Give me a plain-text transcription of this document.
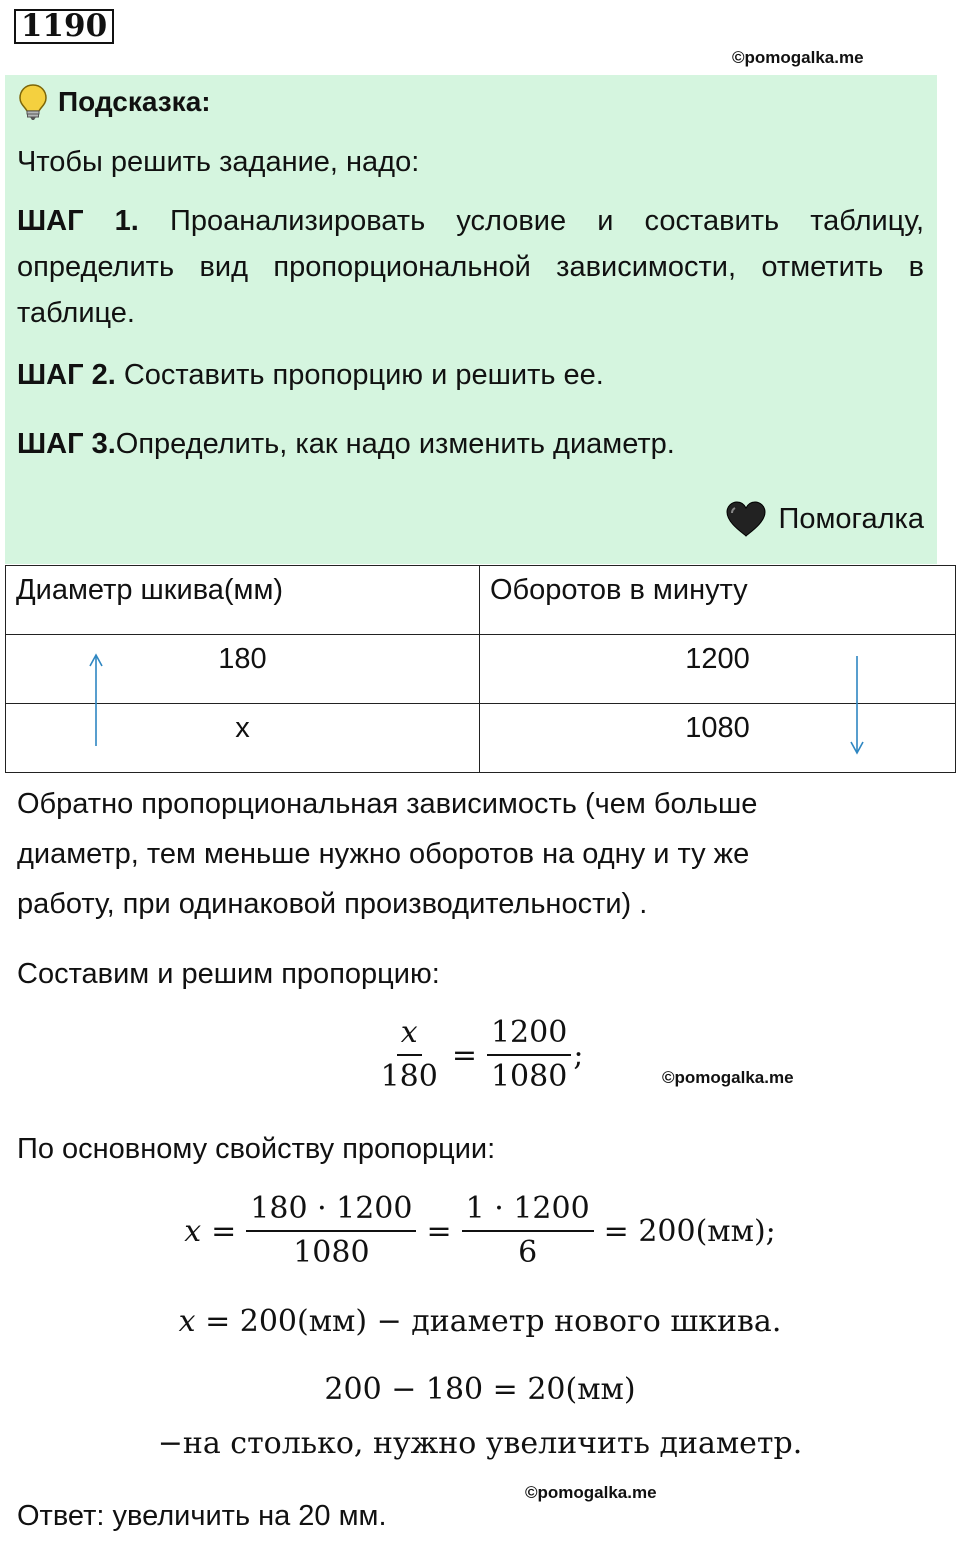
1190
©pomogalka.me
Подсказка:
Чтобы решить задание, надо:
ШАГ 1. Проанализировать условие и составить таблицу, определить вид пропорциональной зависимости, отметить в таблице.
ШАГ 2. Составить пропорцию и решить ее.
ШАГ 3.Определить, как надо изменить диаметр.
Помогалка
Диаметр шкива(мм)	Оборотов в минуту
180	1200
x	1080
Обратно пропорциональная зависимость (чем больше
диаметр, тем меньше нужно оборотов на одну и ту же
работу, при одинаковой производительности) .
Составим и решим пропорцию:
$\frac{x}{180} = \frac{1200}{1080}$ ;
©pomogalka.me
По основному свойству пропорции:
$x = \frac{180 \cdot 1200}{1080} = \frac{1 \cdot 1200}{6} = 200(мм)$;
x = 200(мм) − диаметр нового шкива.
200 − 180 = 20(мм)
−на столько, нужно увеличить диаметр.
©pomogalka.me
Ответ: увеличить на 20 мм.
